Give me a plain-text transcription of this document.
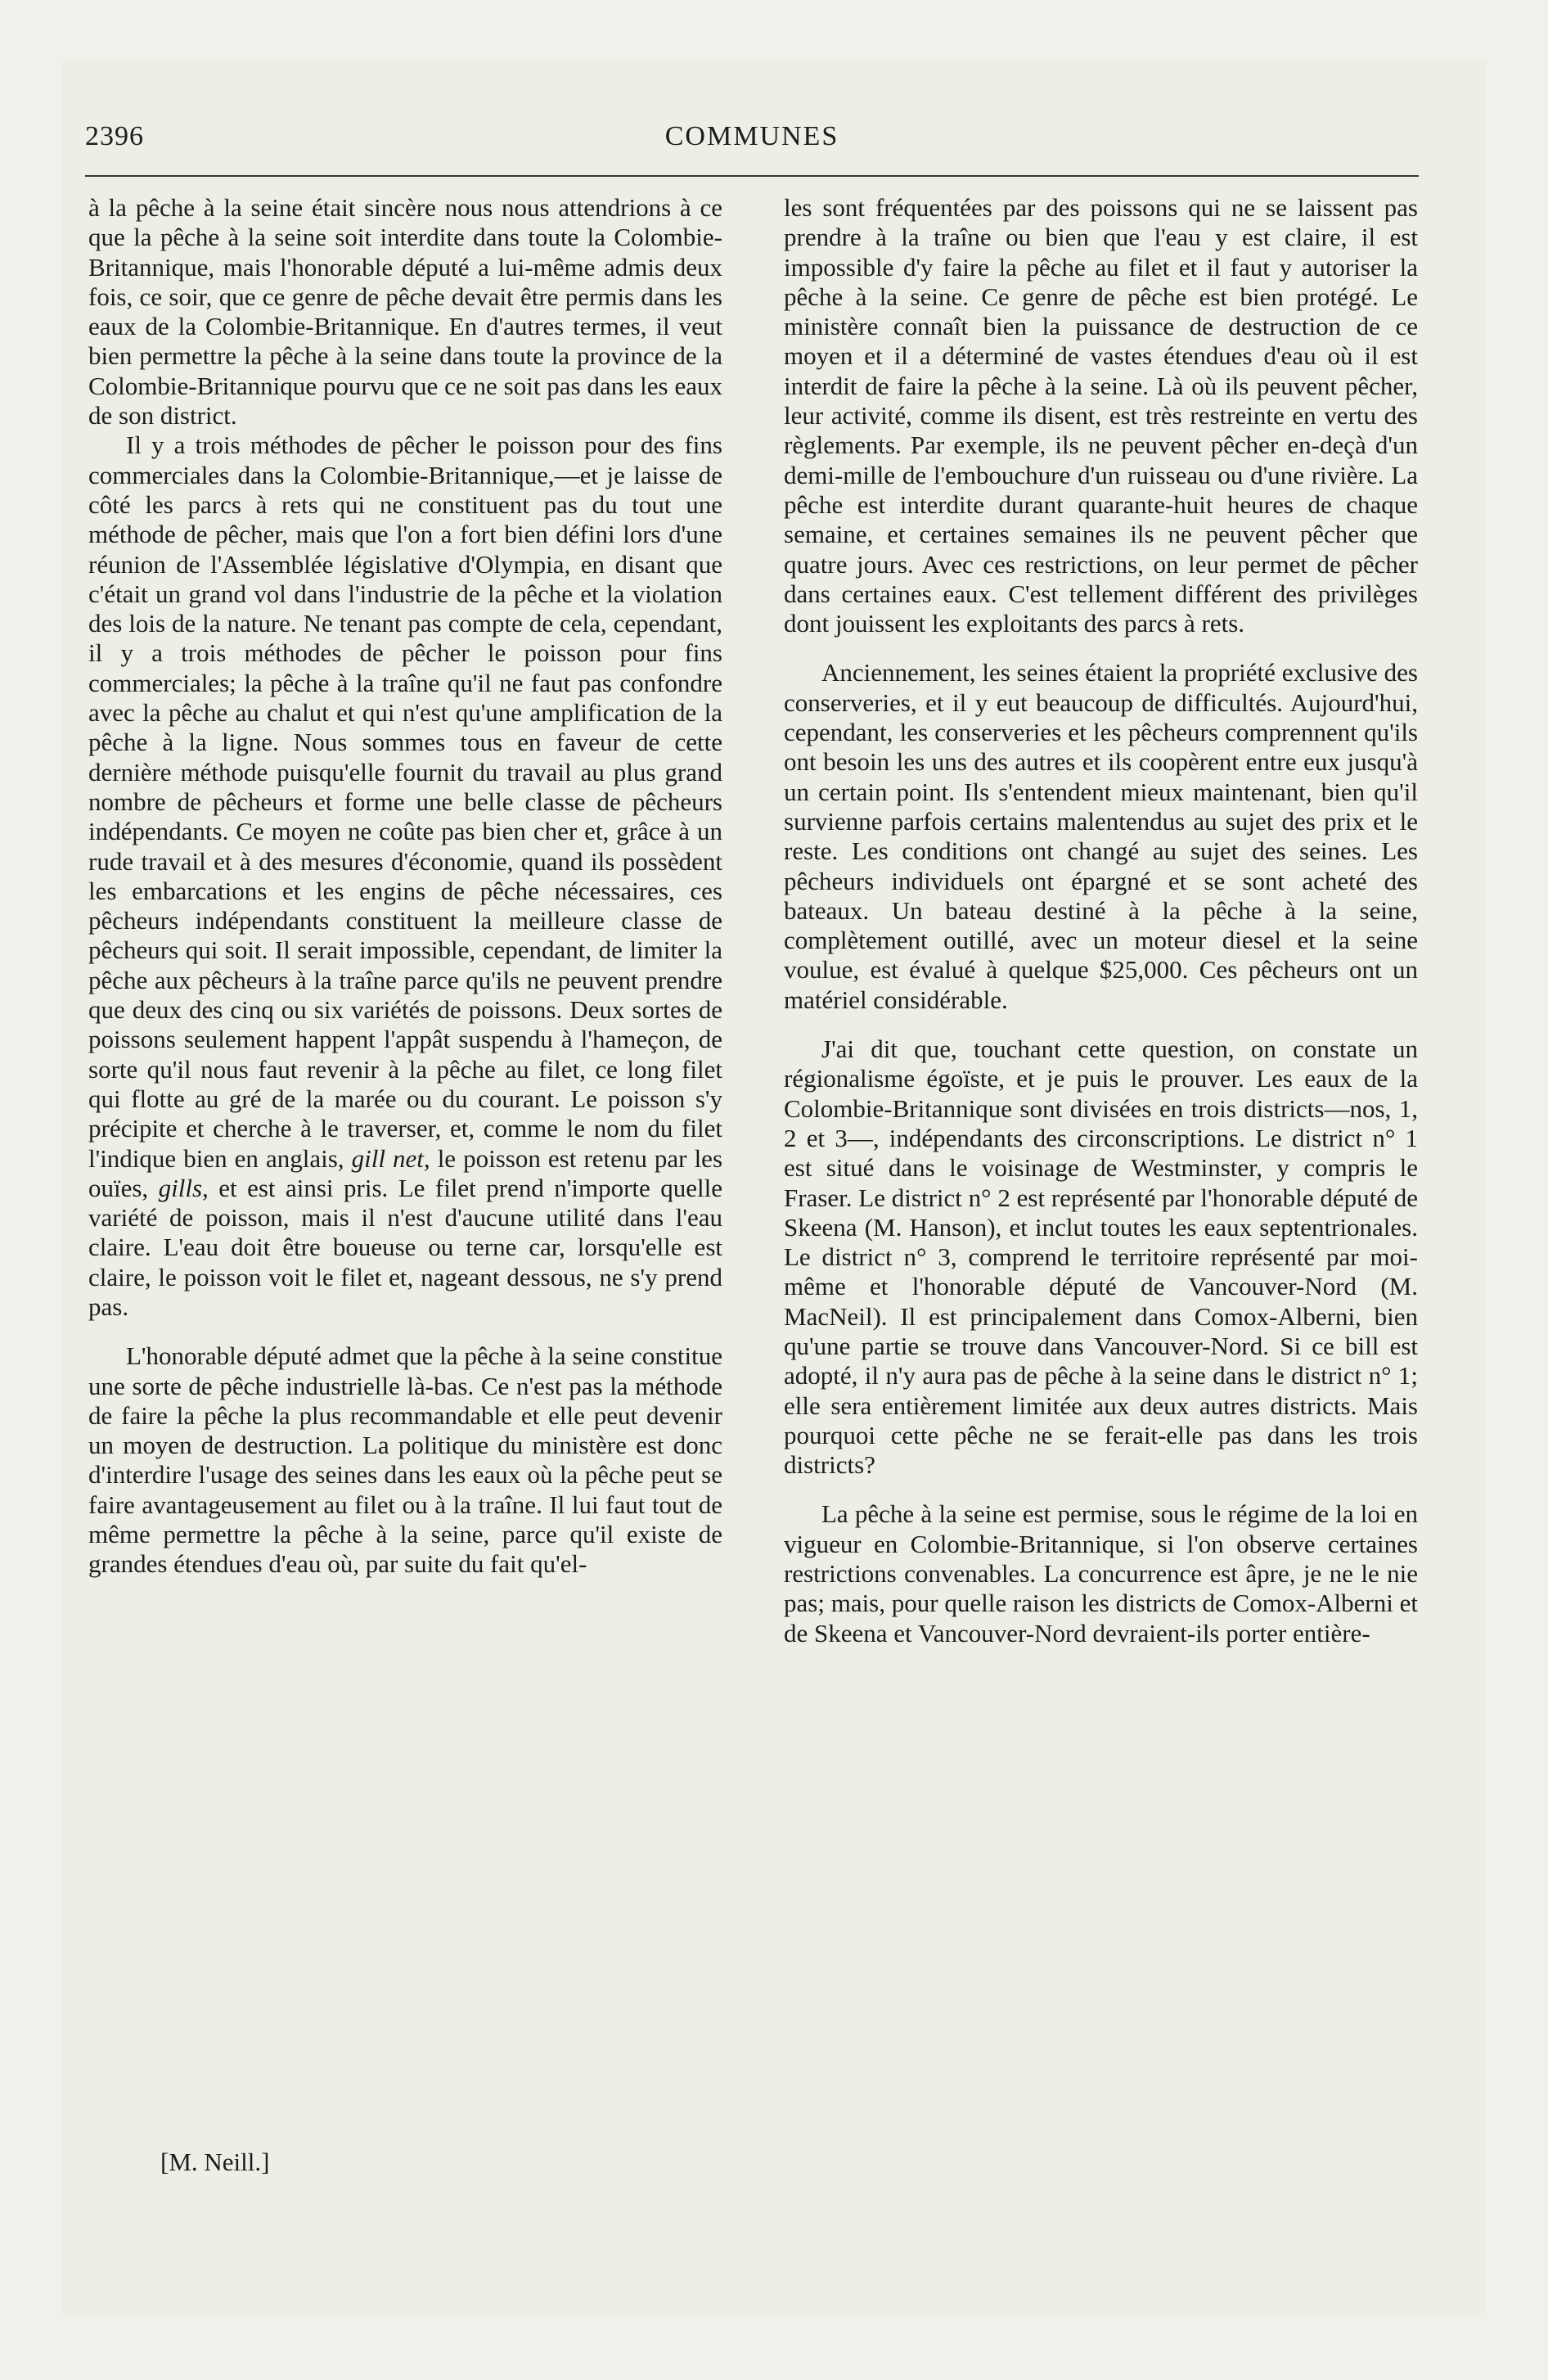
2396	COMMUNES

à la pêche à la seine était sincère nous nous attendrions à ce que la pêche à la seine soit interdite dans toute la Colombie-Britannique, mais l'honorable député a lui-même admis deux fois, ce soir, que ce genre de pêche devait être permis dans les eaux de la Colombie-Britannique. En d'autres termes, il veut bien permettre la pêche à la seine dans toute la province de la Colombie-Britannique pourvu que ce ne soit pas dans les eaux de son district.

Il y a trois méthodes de pêcher le poisson pour des fins commerciales dans la Colombie-Britannique,—et je laisse de côté les parcs à rets qui ne constituent pas du tout une méthode de pêcher, mais que l'on a fort bien défini lors d'une réunion de l'Assemblée législative d'Olympia, en disant que c'était un grand vol dans l'industrie de la pêche et la violation des lois de la nature. Ne tenant pas compte de cela, cependant, il y a trois méthodes de pêcher le poisson pour fins commerciales; la pêche à la traîne qu'il ne faut pas confondre avec la pêche au chalut et qui n'est qu'une amplification de la pêche à la ligne. Nous sommes tous en faveur de cette dernière méthode puisqu'elle fournit du travail au plus grand nombre de pêcheurs et forme une belle classe de pêcheurs indépendants. Ce moyen ne coûte pas bien cher et, grâce à un rude travail et à des mesures d'économie, quand ils possèdent les embarcations et les engins de pêche nécessaires, ces pêcheurs indépendants constituent la meilleure classe de pêcheurs qui soit. Il serait impossible, cependant, de limiter la pêche aux pêcheurs à la traîne parce qu'ils ne peuvent prendre que deux des cinq ou six variétés de poissons. Deux sortes de poissons seulement happent l'appât suspendu à l'hameçon, de sorte qu'il nous faut revenir à la pêche au filet, ce long filet qui flotte au gré de la marée ou du courant. Le poisson s'y précipite et cherche à le traverser, et, comme le nom du filet l'indique bien en anglais, gill net, le poisson est retenu par les ouïes, gills, et est ainsi pris. Le filet prend n'importe quelle variété de poisson, mais il n'est d'aucune utilité dans l'eau claire. L'eau doit être boueuse ou terne car, lorsqu'elle est claire, le poisson voit le filet et, nageant dessous, ne s'y prend pas.

L'honorable député admet que la pêche à la seine constitue une sorte de pêche industrielle là-bas. Ce n'est pas la méthode de faire la pêche la plus recommandable et elle peut devenir un moyen de destruction. La politique du ministère est donc d'interdire l'usage des seines dans les eaux où la pêche peut se faire avantageusement au filet ou à la traîne. Il lui faut tout de même permettre la pêche à la seine, parce qu'il existe de grandes étendues d'eau où, par suite du fait qu'el-

[M. Neill.]

les sont fréquentées par des poissons qui ne se laissent pas prendre à la traîne ou bien que l'eau y est claire, il est impossible d'y faire la pêche au filet et il faut y autoriser la pêche à la seine. Ce genre de pêche est bien protégé. Le ministère connaît bien la puissance de destruction de ce moyen et il a déterminé de vastes étendues d'eau où il est interdit de faire la pêche à la seine. Là où ils peuvent pêcher, leur activité, comme ils disent, est très restreinte en vertu des règlements. Par exemple, ils ne peuvent pêcher en-deçà d'un demi-mille de l'embouchure d'un ruisseau ou d'une rivière. La pêche est interdite durant quarante-huit heures de chaque semaine, et certaines semaines ils ne peuvent pêcher que quatre jours. Avec ces restrictions, on leur permet de pêcher dans certaines eaux. C'est tellement différent des privilèges dont jouissent les exploitants des parcs à rets.

Anciennement, les seines étaient la propriété exclusive des conserveries, et il y eut beaucoup de difficultés. Aujourd'hui, cependant, les conserveries et les pêcheurs comprennent qu'ils ont besoin les uns des autres et ils coopèrent entre eux jusqu'à un certain point. Ils s'entendent mieux maintenant, bien qu'il survienne parfois certains malentendus au sujet des prix et le reste. Les conditions ont changé au sujet des seines. Les pêcheurs individuels ont épargné et se sont acheté des bateaux. Un bateau destiné à la pêche à la seine, complètement outillé, avec un moteur diesel et la seine voulue, est évalué à quelque $25,000. Ces pêcheurs ont un matériel considérable.

J'ai dit que, touchant cette question, on constate un régionalisme égoïste, et je puis le prouver. Les eaux de la Colombie-Britannique sont divisées en trois districts—nos, 1, 2 et 3—, indépendants des circonscriptions. Le district n° 1 est situé dans le voisinage de Westminster, y compris le Fraser. Le district n° 2 est représenté par l'honorable député de Skeena (M. Hanson), et inclut toutes les eaux septentrionales. Le district n° 3, comprend le territoire représenté par moi-même et l'honorable député de Vancouver-Nord (M. MacNeil). Il est principalement dans Comox-Alberni, bien qu'une partie se trouve dans Vancouver-Nord. Si ce bill est adopté, il n'y aura pas de pêche à la seine dans le district n° 1; elle sera entièrement limitée aux deux autres districts. Mais pourquoi cette pêche ne se ferait-elle pas dans les trois districts?

La pêche à la seine est permise, sous le régime de la loi en vigueur en Colombie-Britannique, si l'on observe certaines restrictions convenables. La concurrence est âpre, je ne le nie pas; mais, pour quelle raison les districts de Comox-Alberni et de Skeena et Vancouver-Nord devraient-ils porter entière-
